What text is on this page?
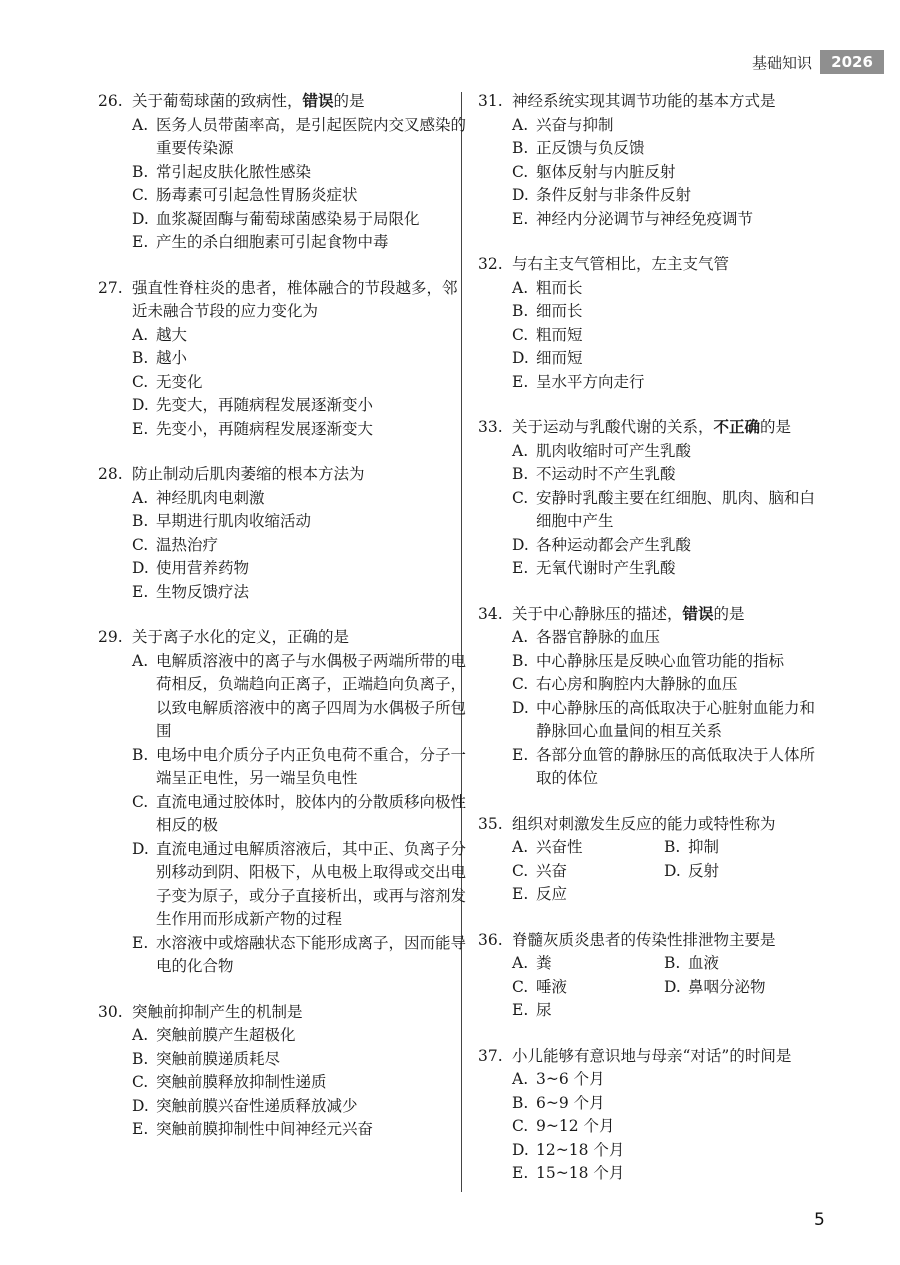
基础知识	2026
26. 关于葡萄球菌的致病性，错误的是
A. 医务人员带菌率高，是引起医院内交叉感染的重要传染源
B. 常引起皮肤化脓性感染
C. 肠毒素可引起急性胃肠炎症状
D. 血浆凝固酶与葡萄球菌感染易于局限化
E. 产生的杀白细胞素可引起食物中毒
27. 强直性脊柱炎的患者，椎体融合的节段越多，邻近未融合节段的应力变化为
A. 越大
B. 越小
C. 无变化
D. 先变大，再随病程发展逐渐变小
E. 先变小，再随病程发展逐渐变大
28. 防止制动后肌肉萎缩的根本方法为
A. 神经肌肉电刺激
B. 早期进行肌肉收缩活动
C. 温热治疗
D. 使用营养药物
E. 生物反馈疗法
29. 关于离子水化的定义，正确的是
A. 电解质溶液中的离子与水偶极子两端所带的电荷相反，负端趋向正离子，正端趋向负离子，以致电解质溶液中的离子四周为水偶极子所包围
B. 电场中电介质分子内正负电荷不重合，分子一端呈正电性，另一端呈负电性
C. 直流电通过胶体时，胶体内的分散质移向极性相反的极
D. 直流电通过电解质溶液后，其中正、负离子分别移动到阴、阳极下，从电极上取得或交出电子变为原子，或分子直接析出，或再与溶剂发生作用而形成新产物的过程
E. 水溶液中或熔融状态下能形成离子，因而能导电的化合物
30. 突触前抑制产生的机制是
A. 突触前膜产生超极化
B. 突触前膜递质耗尽
C. 突触前膜释放抑制性递质
D. 突触前膜兴奋性递质释放减少
E. 突触前膜抑制性中间神经元兴奋
31. 神经系统实现其调节功能的基本方式是
A. 兴奋与抑制
B. 正反馈与负反馈
C. 躯体反射与内脏反射
D. 条件反射与非条件反射
E. 神经内分泌调节与神经免疫调节
32. 与右主支气管相比，左主支气管
A. 粗而长
B. 细而长
C. 粗而短
D. 细而短
E. 呈水平方向走行
33. 关于运动与乳酸代谢的关系，不正确的是
A. 肌肉收缩时可产生乳酸
B. 不运动时不产生乳酸
C. 安静时乳酸主要在红细胞、肌肉、脑和白细胞中产生
D. 各种运动都会产生乳酸
E. 无氧代谢时产生乳酸
34. 关于中心静脉压的描述，错误的是
A. 各器官静脉的血压
B. 中心静脉压是反映心血管功能的指标
C. 右心房和胸腔内大静脉的血压
D. 中心静脉压的高低取决于心脏射血能力和静脉回心血量间的相互关系
E. 各部分血管的静脉压的高低取决于人体所取的体位
35. 组织对刺激发生反应的能力或特性称为
A. 兴奋性	B. 抑制
C. 兴奋	D. 反射
E. 反应
36. 脊髓灰质炎患者的传染性排泄物主要是
A. 粪	B. 血液
C. 唾液	D. 鼻咽分泌物
E. 尿
37. 小儿能够有意识地与母亲“对话”的时间是
A. 3~6 个月
B. 6~9 个月
C. 9~12 个月
D. 12~18 个月
E. 15~18 个月
5
